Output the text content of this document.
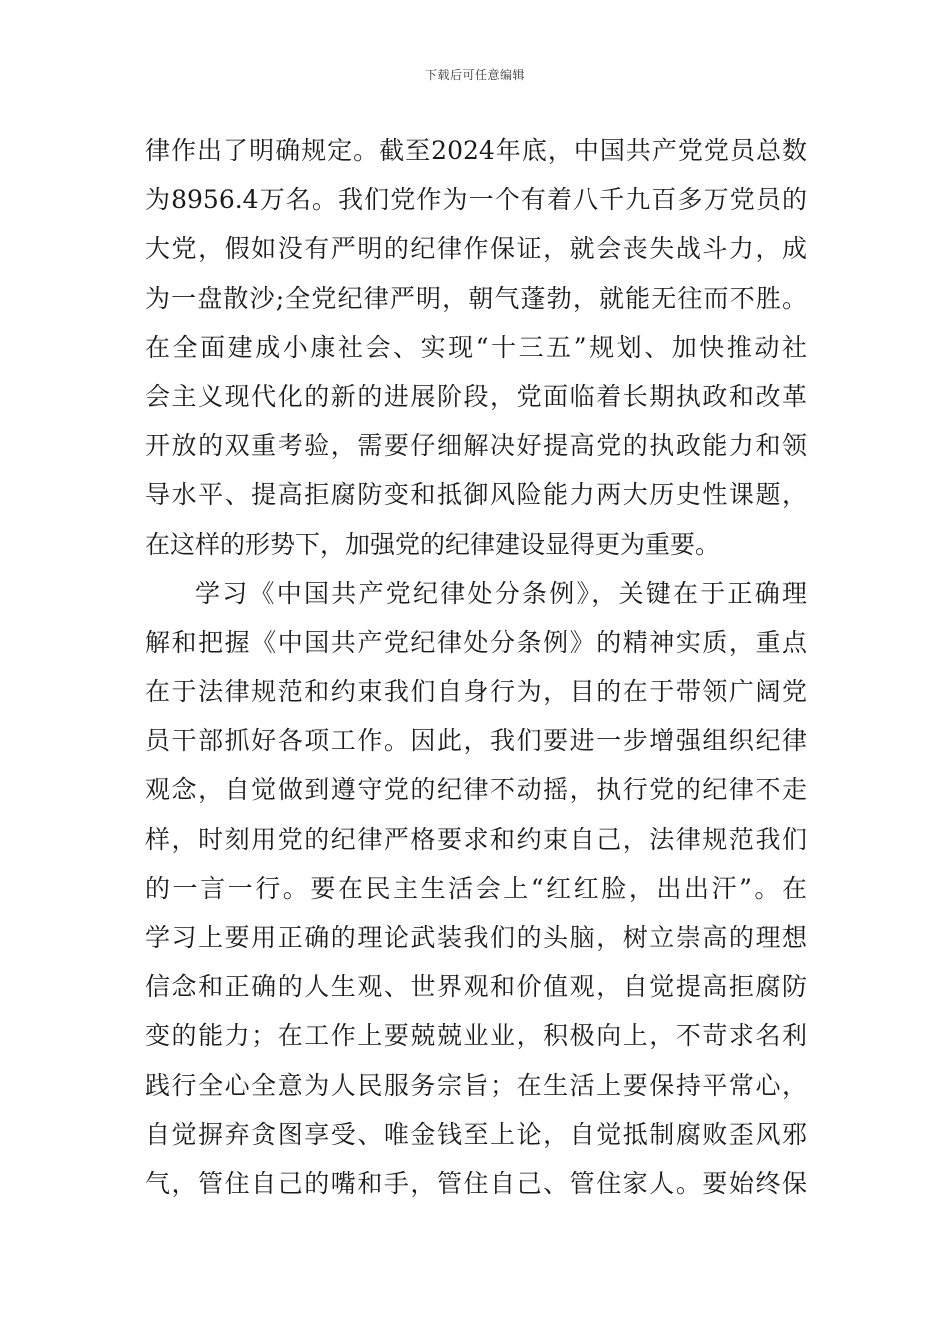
下载后可任意编辑
律作出了明确规定。截至2024年底，中国共产党党员总数
为8956.4万名。我们党作为一个有着八千九百多万党员的
大党，假如没有严明的纪律作保证，就会丧失战斗力，成
为一盘散沙;全党纪律严明，朝气蓬勃，就能无往而不胜。
在全面建成小康社会、实现“十三五”规划、加快推动社
会主义现代化的新的进展阶段，党面临着长期执政和改革
开放的双重考验，需要仔细解决好提高党的执政能力和领
导水平、提高拒腐防变和抵御风险能力两大历史性课题，
在这样的形势下，加强党的纪律建设显得更为重要。
学习《中国共产党纪律处分条例》，关键在于正确理
解和把握《中国共产党纪律处分条例》的精神实质，重点
在于法律规范和约束我们自身行为，目的在于带领广阔党
员干部抓好各项工作。因此，我们要进一步增强组织纪律
观念，自觉做到遵守党的纪律不动摇，执行党的纪律不走
样，时刻用党的纪律严格要求和约束自己，法律规范我们
的一言一行。要在民主生活会上“红红脸，出出汗”。在
学习上要用正确的理论武装我们的头脑，树立崇高的理想
信念和正确的人生观、世界观和价值观，自觉提高拒腐防
变的能力；在工作上要兢兢业业，积极向上，不苛求名利
践行全心全意为人民服务宗旨；在生活上要保持平常心，
自觉摒弃贪图享受、唯金钱至上论，自觉抵制腐败歪风邪
气，管住自己的嘴和手，管住自己、管住家人。要始终保
